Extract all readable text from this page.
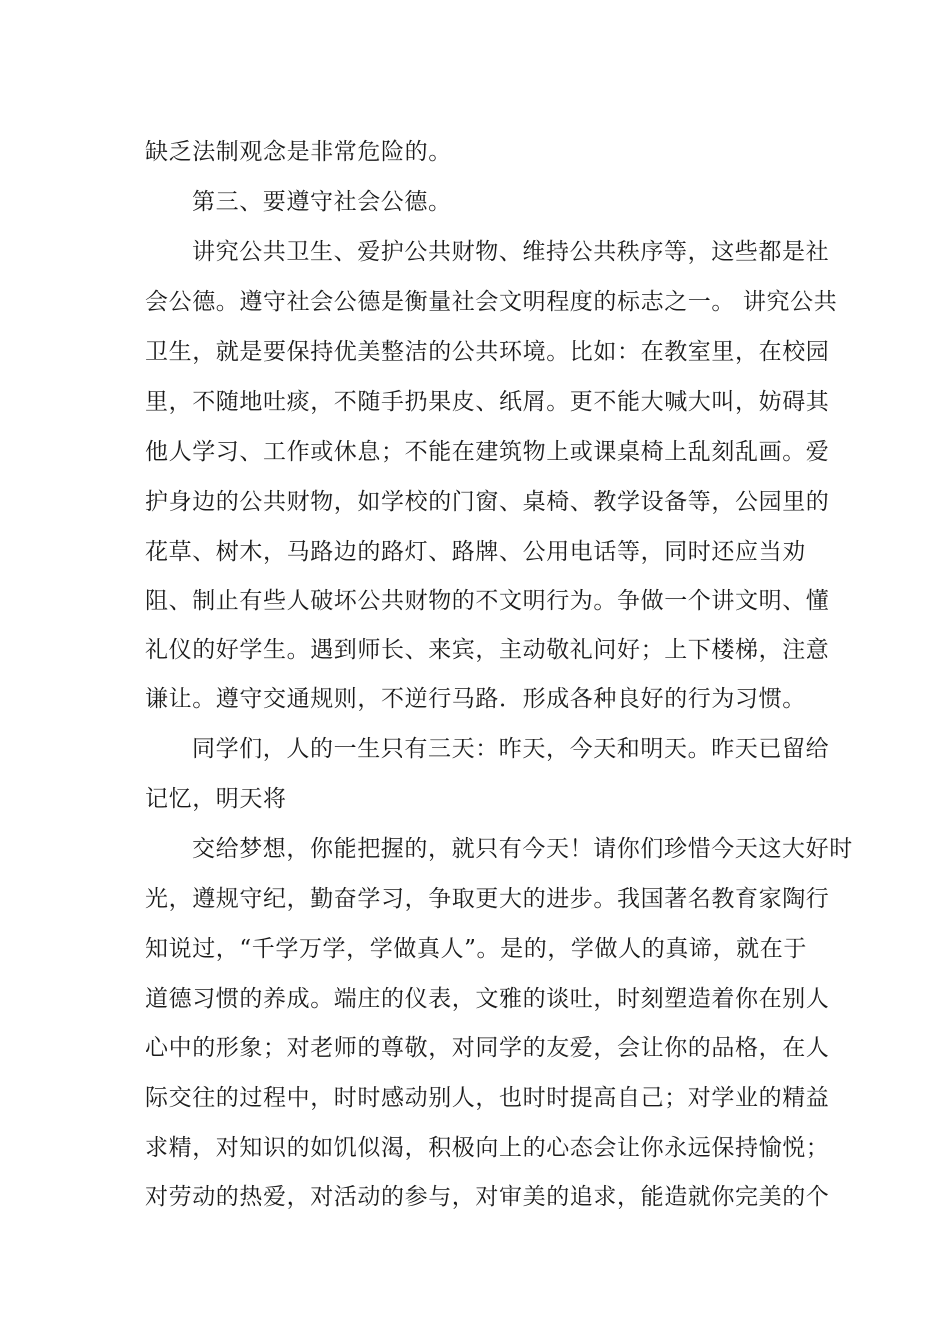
缺乏法制观念是非常危险的。
第三、要遵守社会公德。
讲究公共卫生、爱护公共财物、维持公共秩序等，这些都是社
会公德。遵守社会公德是衡量社会文明程度的标志之一。 讲究公共
卫生，就是要保持优美整洁的公共环境。比如：在教室里，在校园
里，不随地吐痰，不随手扔果皮、纸屑。更不能大喊大叫，妨碍其
他人学习、工作或休息；不能在建筑物上或课桌椅上乱刻乱画。爱
护身边的公共财物，如学校的门窗、桌椅、教学设备等，公园里的
花草、树木，马路边的路灯、路牌、公用电话等，同时还应当劝
阻、制止有些人破坏公共财物的不文明行为。争做一个讲文明、懂
礼仪的好学生。遇到师长、来宾，主动敬礼问好；上下楼梯，注意
谦让。遵守交通规则，不逆行马路．形成各种良好的行为习惯。
同学们，人的一生只有三天：昨天，今天和明天。昨天已留给
记忆，明天将
交给梦想，你能把握的，就只有今天！请你们珍惜今天这大好时
光，遵规守纪，勤奋学习，争取更大的进步。我国著名教育家陶行
知说过，“千学万学，学做真人”。是的，学做人的真谛，就在于
道德习惯的养成。端庄的仪表，文雅的谈吐，时刻塑造着你在别人
心中的形象；对老师的尊敬，对同学的友爱，会让你的品格，在人
际交往的过程中，时时感动别人，也时时提高自己；对学业的精益
求精，对知识的如饥似渴，积极向上的心态会让你永远保持愉悦；
对劳动的热爱，对活动的参与，对审美的追求，能造就你完美的个
